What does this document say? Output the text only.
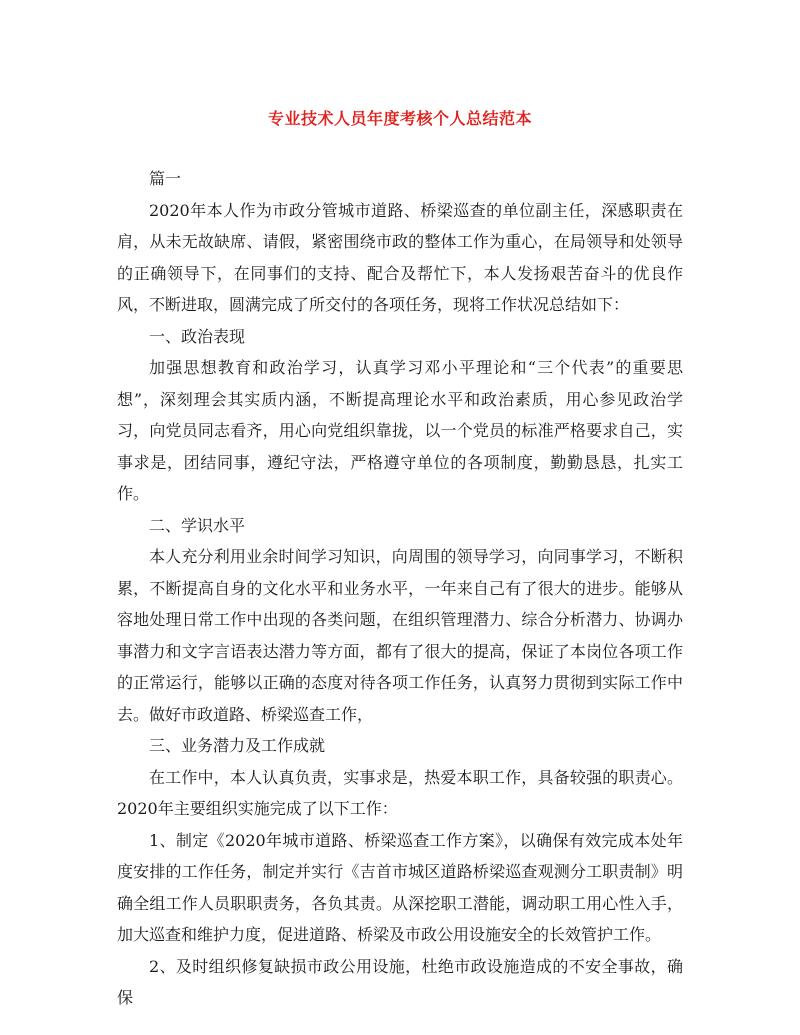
专业技术人员年度考核个人总结范本

篇一

2020年本人作为市政分管城市道路、桥梁巡查的单位副主任，深感职责在肩，从未无故缺席、请假，紧密围绕市政的整体工作为重心，在局领导和处领导的正确领导下，在同事们的支持、配合及帮忙下，本人发扬艰苦奋斗的优良作风，不断进取，圆满完成了所交付的各项任务，现将工作状况总结如下：

一、政治表现

加强思想教育和政治学习，认真学习邓小平理论和“三个代表”的重要思想”，深刻理会其实质内涵，不断提高理论水平和政治素质，用心参见政治学习，向党员同志看齐，用心向党组织靠拢，以一个党员的标准严格要求自己，实事求是，团结同事，遵纪守法，严格遵守单位的各项制度，勤勤恳恳，扎实工作。

二、学识水平

本人充分利用业余时间学习知识，向周围的领导学习，向同事学习，不断积累，不断提高自身的文化水平和业务水平，一年来自己有了很大的进步。能够从容地处理日常工作中出现的各类问题，在组织管理潜力、综合分析潜力、协调办事潜力和文字言语表达潜力等方面，都有了很大的提高，保证了本岗位各项工作的正常运行，能够以正确的态度对待各项工作任务，认真努力贯彻到实际工作中去。做好市政道路、桥梁巡查工作，

三、业务潜力及工作成就

在工作中，本人认真负责，实事求是，热爱本职工作，具备较强的职责心。2020年主要组织实施完成了以下工作：

1、制定《2020年城市道路、桥梁巡查工作方案》，以确保有效完成本处年度安排的工作任务，制定并实行《吉首市城区道路桥梁巡查观测分工职责制》明确全组工作人员职职责务，各负其责。从深挖职工潜能，调动职工用心性入手，加大巡查和维护力度，促进道路、桥梁及市政公用设施安全的长效管护工作。

2、及时组织修复缺损市政公用设施，杜绝市政设施造成的不安全事故，确保
